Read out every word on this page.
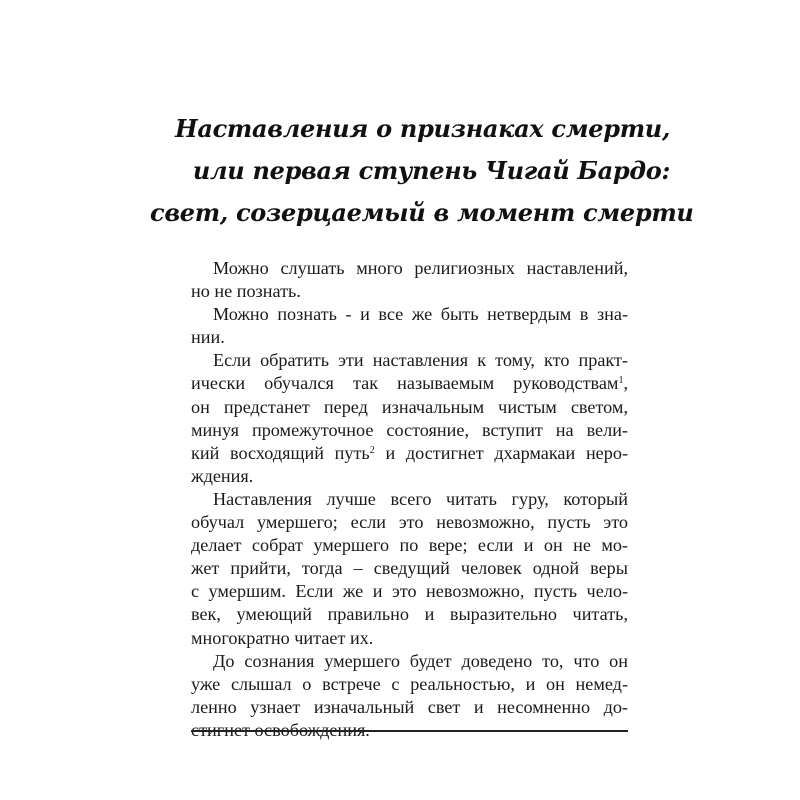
Наставления о признаках смерти,
или первая ступень Чигай Бардо:
свет, созерцаемый в момент смерти
Можно слушать много религиозных наставлений,
но не познать.
Можно познать - и все же быть нетвердым в зна-
нии.
Если обратить эти наставления к тому, кто практ-
ически обучался так называемым руководствам$^1$,
он предстанет перед изначальным чистым светом,
минуя промежуточное состояние, вступит на вели-
кий восходящий путь$^2$ и достигнет дхармакаи неро-
ждения.
Наставления лучше всего читать гуру, который
обучал умершего; если это невозможно, пусть это
делает собрат умершего по вере; если и он не мо-
жет прийти, тогда – сведущий человек одной веры
с умершим. Если же и это невозможно, пусть чело-
век, умеющий правильно и выразительно читать,
многократно читает их.
До сознания умершего будет доведено то, что он
уже слышал о встрече с реальностью, и он немед-
ленно узнает изначальный свет и несомненно до-
стигнет освобождения.
